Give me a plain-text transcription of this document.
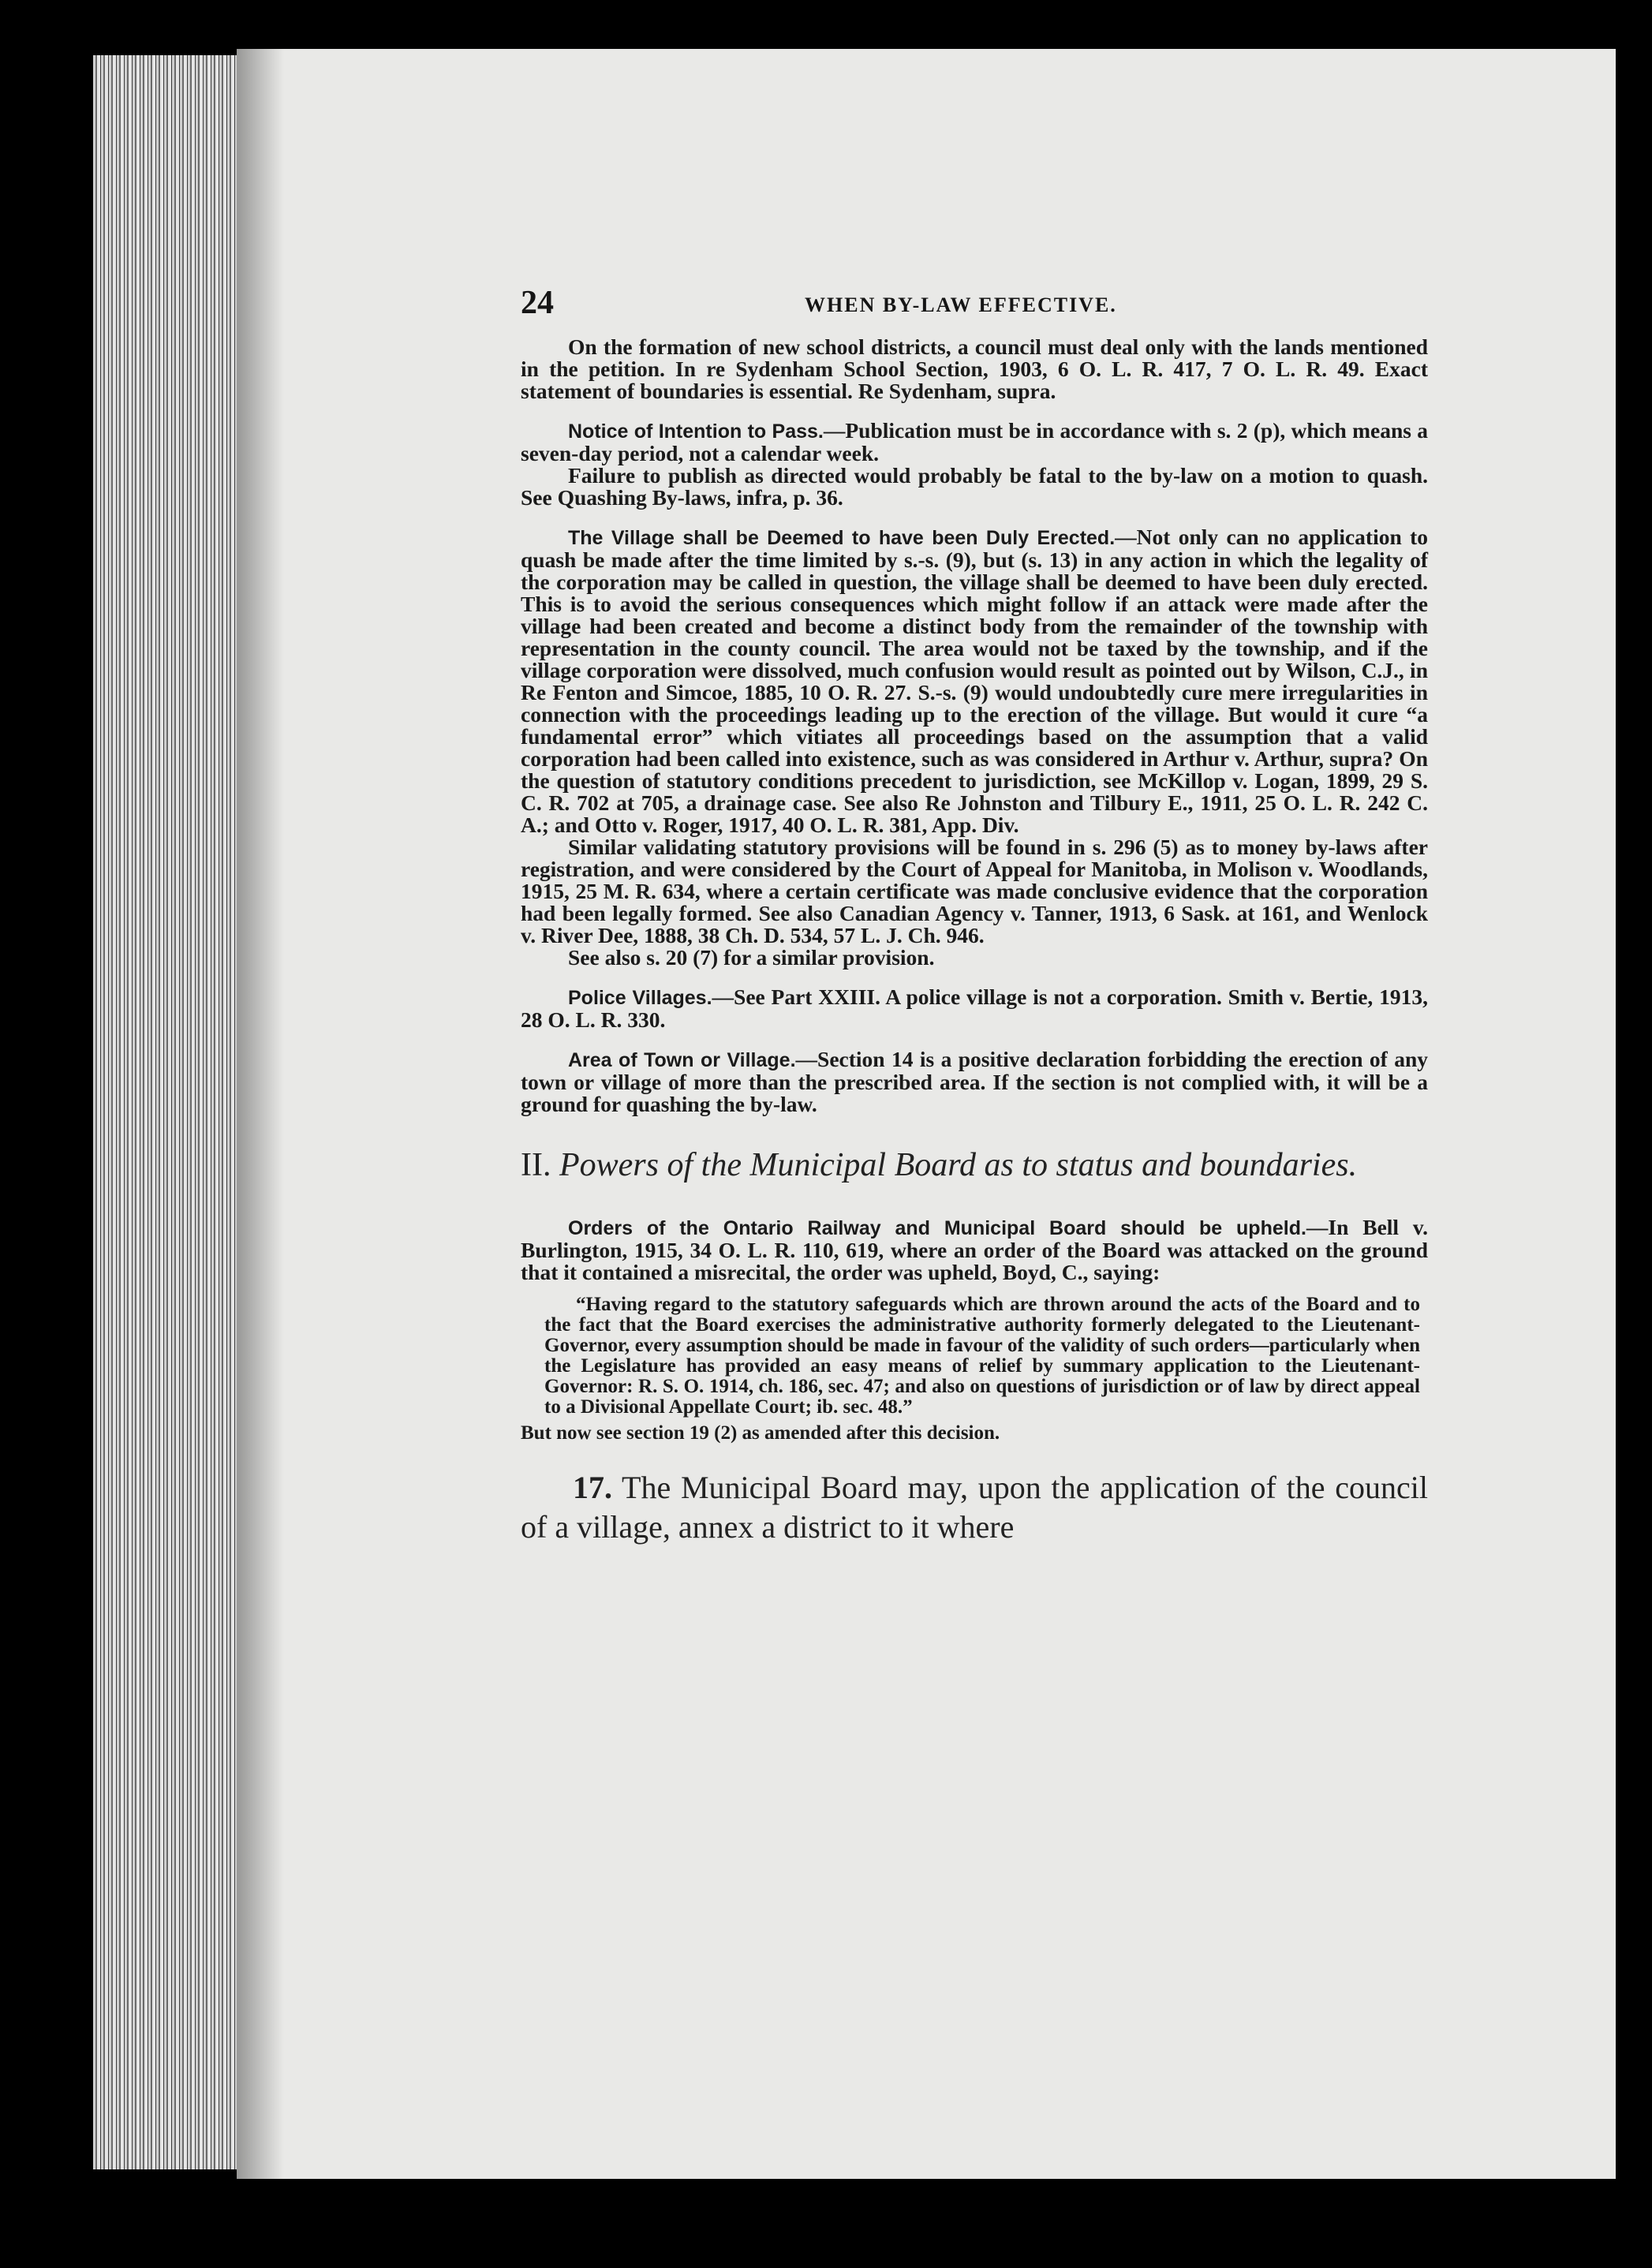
24	WHEN BY-LAW EFFECTIVE.

On the formation of new school districts, a council must deal only with the lands mentioned in the petition. In re Sydenham School Section, 1903, 6 O. L. R. 417, 7 O. L. R. 49. Exact statement of boundaries is essential. Re Sydenham, supra.

Notice of Intention to Pass.—Publication must be in accordance with s. 2 (p), which means a seven-day period, not a calendar week.

Failure to publish as directed would probably be fatal to the by-law on a motion to quash. See Quashing By-laws, infra, p. 36.

The Village shall be Deemed to have been Duly Erected.—Not only can no application to quash be made after the time limited by s.-s. (9), but (s. 13) in any action in which the legality of the corporation may be called in question, the village shall be deemed to have been duly erected. This is to avoid the serious consequences which might follow if an attack were made after the village had been created and become a distinct body from the remainder of the township with representation in the county council. The area would not be taxed by the township, and if the village corporation were dissolved, much confusion would result as pointed out by Wilson, C.J., in Re Fenton and Simcoe, 1885, 10 O. R. 27. S.-s. (9) would undoubtedly cure mere irregularities in connection with the proceedings leading up to the erection of the village. But would it cure “a fundamental error” which vitiates all proceedings based on the assumption that a valid corporation had been called into existence, such as was considered in Arthur v. Arthur, supra? On the question of statutory conditions precedent to jurisdiction, see McKillop v. Logan, 1899, 29 S. C. R. 702 at 705, a drainage case. See also Re Johnston and Tilbury E., 1911, 25 O. L. R. 242 C. A.; and Otto v. Roger, 1917, 40 O. L. R. 381, App. Div.

Similar validating statutory provisions will be found in s. 296 (5) as to money by-laws after registration, and were considered by the Court of Appeal for Manitoba, in Molison v. Woodlands, 1915, 25 M. R. 634, where a certain certificate was made conclusive evidence that the corporation had been legally formed. See also Canadian Agency v. Tanner, 1913, 6 Sask. at 161, and Wenlock v. River Dee, 1888, 38 Ch. D. 534, 57 L. J. Ch. 946.

See also s. 20 (7) for a similar provision.

Police Villages.—See Part XXIII. A police village is not a corporation. Smith v. Bertie, 1913, 28 O. L. R. 330.

Area of Town or Village.—Section 14 is a positive declaration forbidding the erection of any town or village of more than the prescribed area. If the section is not complied with, it will be a ground for quashing the by-law.

II. Powers of the Municipal Board as to status and boundaries.

Orders of the Ontario Railway and Municipal Board should be upheld.—In Bell v. Burlington, 1915, 34 O. L. R. 110, 619, where an order of the Board was attacked on the ground that it contained a misrecital, the order was upheld, Boyd, C., saying:

“Having regard to the statutory safeguards which are thrown around the acts of the Board and to the fact that the Board exercises the administrative authority formerly delegated to the Lieutenant-Governor, every assumption should be made in favour of the validity of such orders—particularly when the Legislature has provided an easy means of relief by summary application to the Lieutenant-Governor: R. S. O. 1914, ch. 186, sec. 47; and also on questions of jurisdiction or of law by direct appeal to a Divisional Appellate Court; ib. sec. 48.”

But now see section 19 (2) as amended after this decision.

17. The Municipal Board may, upon the application of the council of a village, annex a district to it where
